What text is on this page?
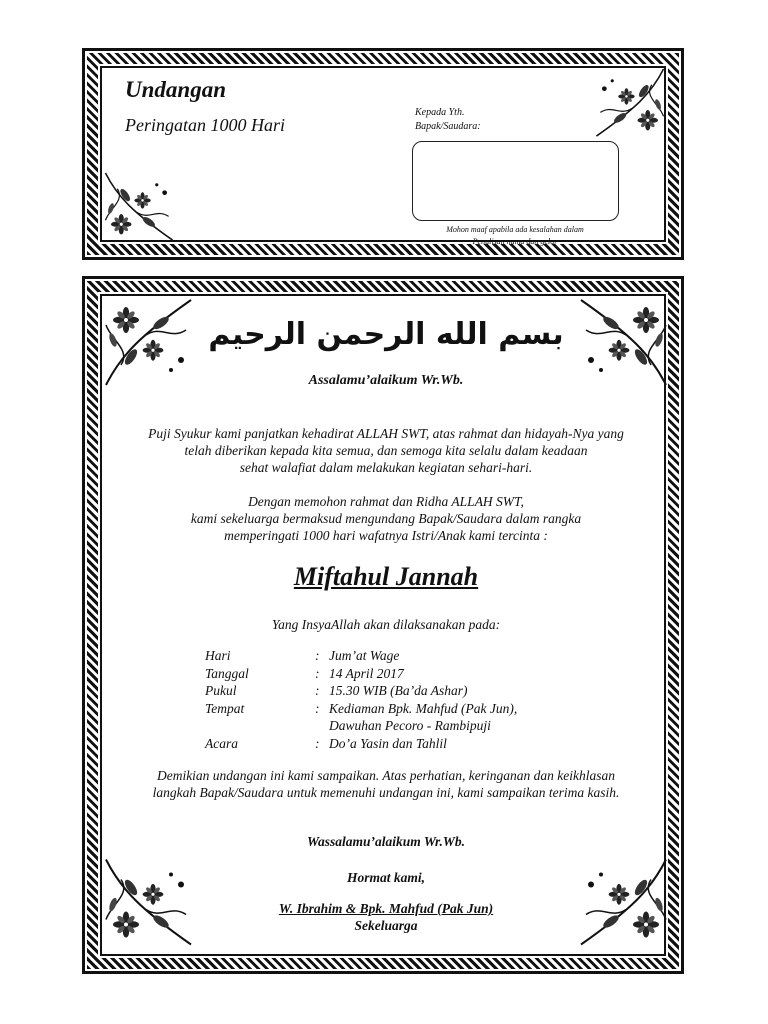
Undangan
Peringatan 1000 Hari
Kepada Yth.
Bapak/Saudara:
Mohon maaf apabila ada kesalahan dalam
Penulisan nama dan gelar
بسم الله الرحمن الرحيم
Assalamu’alaikum Wr.Wb.
Puji Syukur kami panjatkan kehadirat ALLAH SWT, atas rahmat dan hidayah-Nya yang
telah diberikan kepada kita semua, dan semoga kita selalu dalam keadaan
sehat walafiat dalam melakukan kegiatan sehari-hari.
Dengan memohon rahmat dan Ridha ALLAH SWT,
kami sekeluarga bermaksud mengundang Bapak/Saudara dalam rangka
memperingati 1000 hari wafatnya Istri/Anak kami tercinta :
Miftahul Jannah
Yang InsyaAllah akan dilaksanakan pada:
Hari	: Jum’at Wage
Tanggal	: 14 April 2017
Pukul	: 15.30 WIB (Ba’da Ashar)
Tempat	: Kediaman Bpk. Mahfud (Pak Jun),
Dawuhan Pecoro - Rambipuji
Acara	: Do’a Yasin dan Tahlil
Demikian undangan ini kami sampaikan. Atas perhatian, keringanan dan keikhlasan
langkah Bapak/Saudara untuk memenuhi undangan ini, kami sampaikan terima kasih.
Wassalamu’alaikum Wr.Wb.
Hormat kami,
W. Ibrahim & Bpk. Mahfud (Pak Jun)
Sekeluarga
